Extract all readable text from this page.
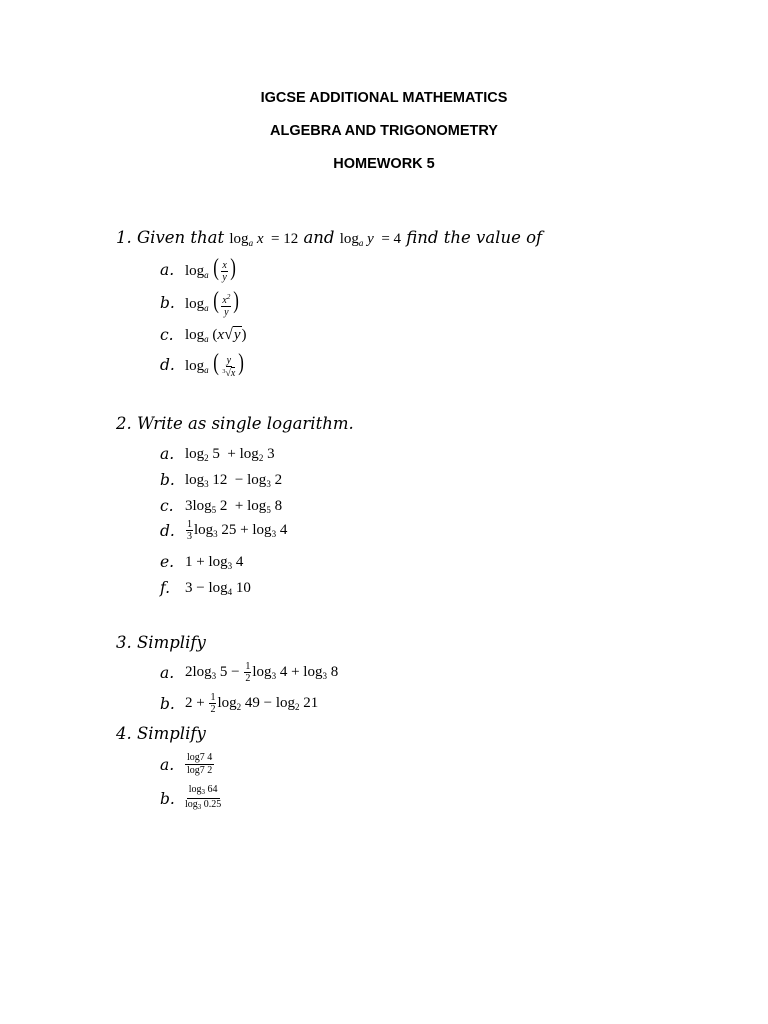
IGCSE ADDITIONAL MATHEMATICS
ALGEBRA AND TRIGONOMETRY
HOMEWORK 5
1. Given that $\log_a x = 12$ and $\log_a y = 4$ find the value of
a. $\log_a$ ( $\frac{x}{y}$ )
b. $\log_a$ ( $\frac{x^2}{y}$ )
c. $\log_a (x√y)$
d. $\log_a$ ( $\frac{y}{^3√x}$ )
2. Write as single logarithm.
a. $\log_2 5 + \log_2 3$
b. $\log_3 12 - \log_3 2$
c. $3\log_5$ $2 + \log_5 8$
d.	$\frac{1}{3} \log_3 25 + \log_3 4$
e. $1 + \log_3 4$
f. $3 - \log_4 10$
3. Simplify
a. $2\log_3$ $5 - \frac{1}{2} \log_3 4 + \log_3 8$
b. $2 + \frac{1}{2} \log_2 49 - \log_2 21$
4. Simplify
a.	$\frac{\log 7 4}{\log 7 2}$
b.	$\frac{\log_3 64}{\log_3 0.25}$
